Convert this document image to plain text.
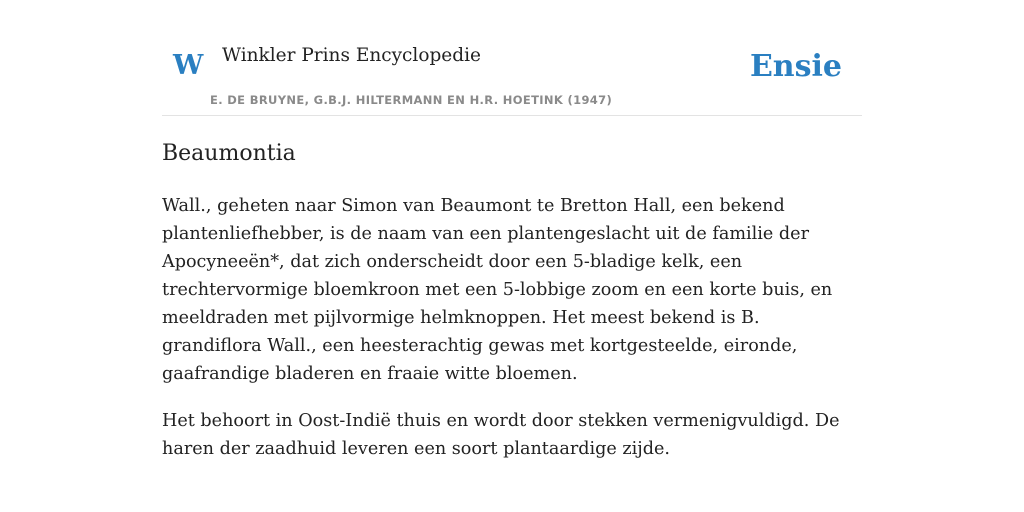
W Winkler Prins Encyclopedie
E. DE BRUYNE, G.B.J. HILTERMANN EN H.R. HOETINK (1947)
Ensie
Beaumontia

Wall., geheten naar Simon van Beaumont te Bretton Hall, een bekend plantenliefhebber, is de naam van een plantengeslacht uit de familie der Apocyneeën*, dat zich onderscheidt door een 5-bladige kelk, een trechtervormige bloemkroon met een 5-lobbige zoom en een korte buis, en meeldraden met pijlvormige helmknoppen. Het meest bekend is B. grandiflora Wall., een heesterachtig gewas met kortgesteelde, eironde, gaafrandige bladeren en fraaie witte bloemen.

Het behoort in Oost-Indië thuis en wordt door stekken vermenigvuldigd. De haren der zaadhuid leveren een soort plantaardige zijde.
